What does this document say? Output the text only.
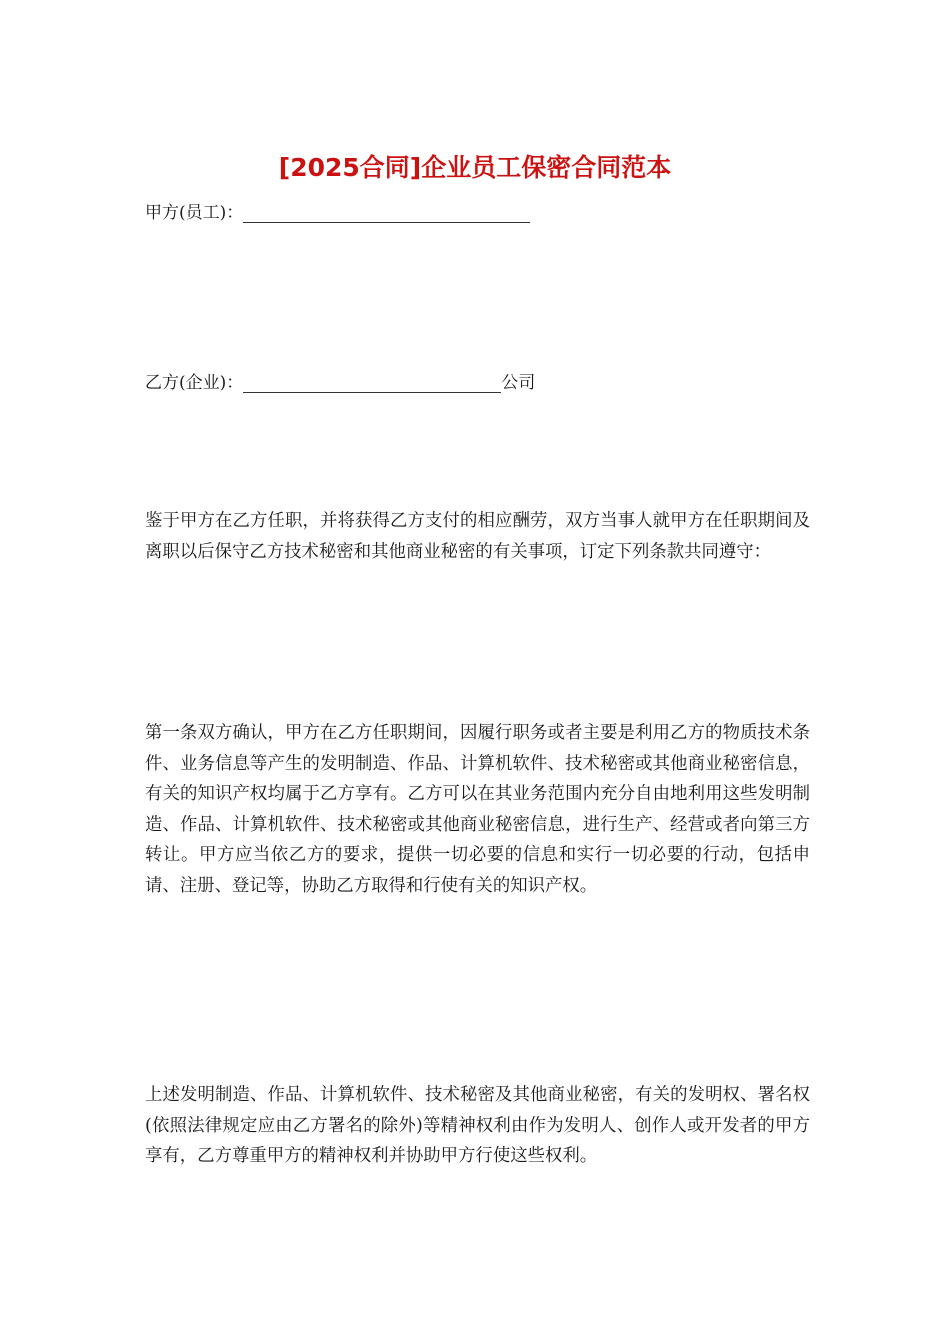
[2025合同]企业员工保密合同范本
甲方(员工)：
乙方(企业)：	公司

鉴于甲方在乙方任职，并将获得乙方支付的相应酬劳，双方当事人就甲方在任职期间及离职以后保守乙方技术秘密和其他商业秘密的有关事项，订定下列条款共同遵守：

第一条双方确认，甲方在乙方任职期间，因履行职务或者主要是利用乙方的物质技术条件、业务信息等产生的发明制造、作品、计算机软件、技术秘密或其他商业秘密信息，有关的知识产权均属于乙方享有。乙方可以在其业务范围内充分自由地利用这些发明制造、作品、计算机软件、技术秘密或其他商业秘密信息，进行生产、经营或者向第三方转让。甲方应当依乙方的要求，提供一切必要的信息和实行一切必要的行动，包括申请、注册、登记等，协助乙方取得和行使有关的知识产权。

上述发明制造、作品、计算机软件、技术秘密及其他商业秘密，有关的发明权、署名权(依照法律规定应由乙方署名的除外)等精神权利由作为发明人、创作人或开发者的甲方享有，乙方尊重甲方的精神权利并协助甲方行使这些权利。
